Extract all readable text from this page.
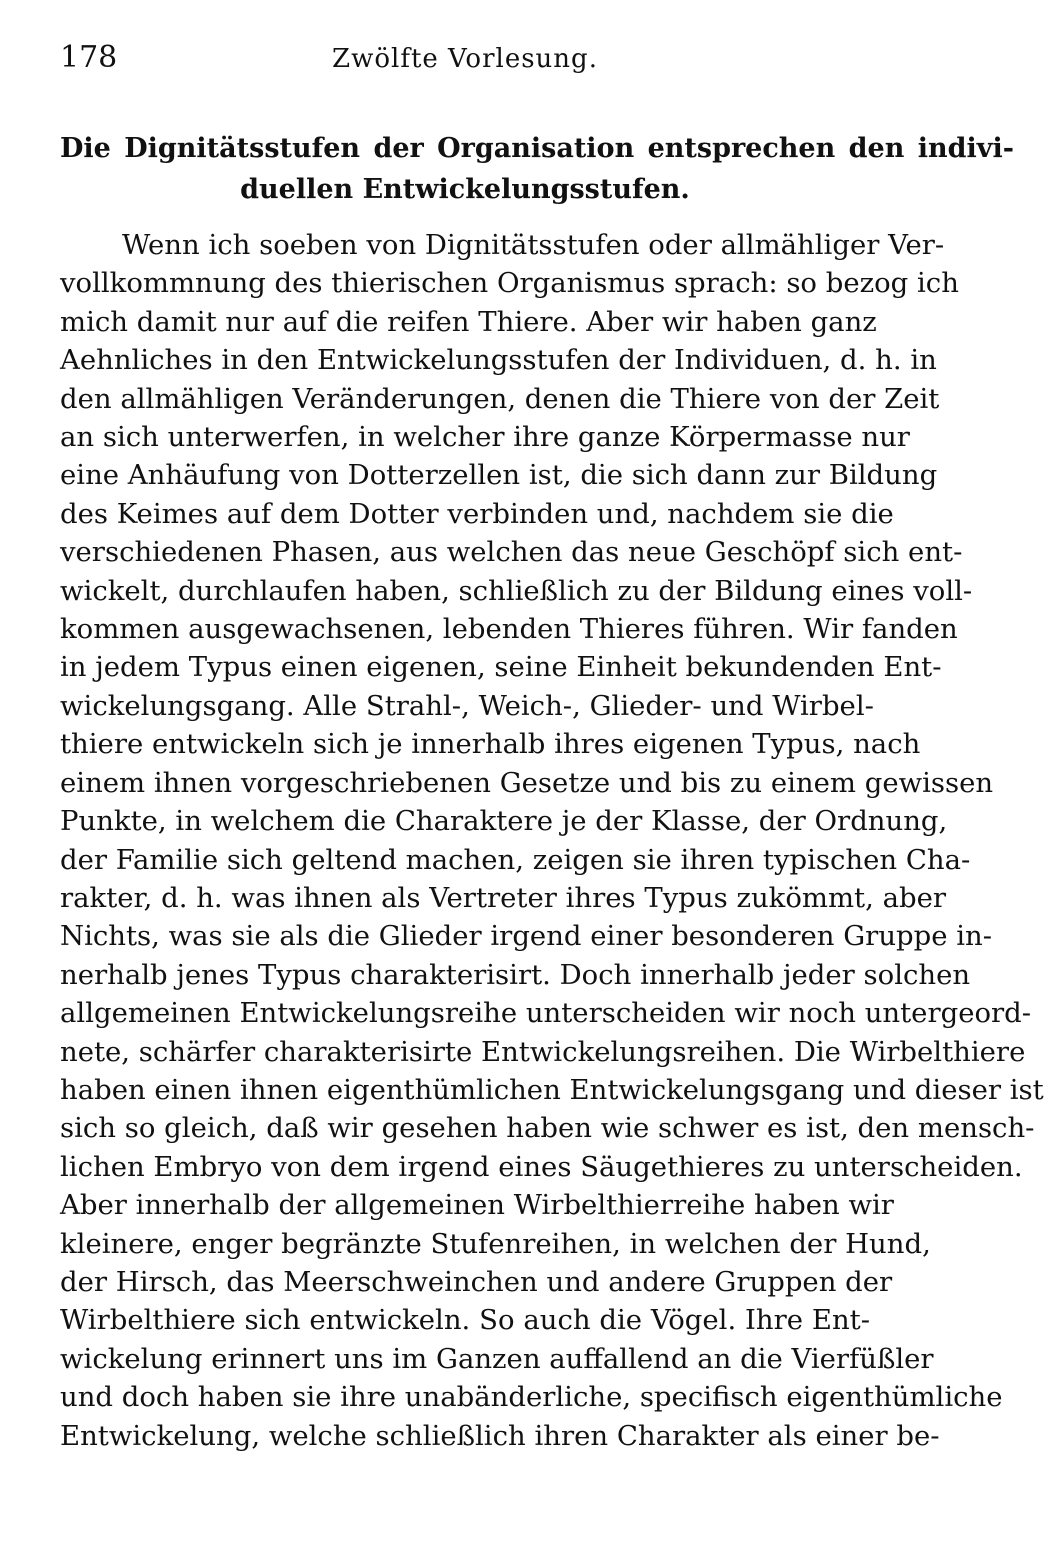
178	Zwölfte Vorlesung.
Die Dignitätsstufen der Organisation entsprechen den indivi-
duellen Entwickelungsstufen.
Wenn ich soeben von Dignitätsstufen oder allmähliger Ver-
vollkommnung des thierischen Organismus sprach: so bezog ich
mich damit nur auf die reifen Thiere. Aber wir haben ganz
Aehnliches in den Entwickelungsstufen der Individuen, d. h. in
den allmähligen Veränderungen, denen die Thiere von der Zeit
an sich unterwerfen, in welcher ihre ganze Körpermasse nur
eine Anhäufung von Dotterzellen ist, die sich dann zur Bildung
des Keimes auf dem Dotter verbinden und, nachdem sie die
verschiedenen Phasen, aus welchen das neue Geschöpf sich ent-
wickelt, durchlaufen haben, schließlich zu der Bildung eines voll-
kommen ausgewachsenen, lebenden Thieres führen. Wir fanden
in jedem Typus einen eigenen, seine Einheit bekundenden Ent-
wickelungsgang. Alle Strahl-, Weich-, Glieder- und Wirbel-
thiere entwickeln sich je innerhalb ihres eigenen Typus, nach
einem ihnen vorgeschriebenen Gesetze und bis zu einem gewissen
Punkte, in welchem die Charaktere je der Klasse, der Ordnung,
der Familie sich geltend machen, zeigen sie ihren typischen Cha-
rakter, d. h. was ihnen als Vertreter ihres Typus zukömmt, aber
Nichts, was sie als die Glieder irgend einer besonderen Gruppe in-
nerhalb jenes Typus charakterisirt. Doch innerhalb jeder solchen
allgemeinen Entwickelungsreihe unterscheiden wir noch untergeord-
nete, schärfer charakterisirte Entwickelungsreihen. Die Wirbelthiere
haben einen ihnen eigenthümlichen Entwickelungsgang und dieser ist
sich so gleich, daß wir gesehen haben wie schwer es ist, den mensch-
lichen Embryo von dem irgend eines Säugethieres zu unterscheiden.
Aber innerhalb der allgemeinen Wirbelthierreihe haben wir
kleinere, enger begränzte Stufenreihen, in welchen der Hund,
der Hirsch, das Meerschweinchen und andere Gruppen der
Wirbelthiere sich entwickeln. So auch die Vögel. Ihre Ent-
wickelung erinnert uns im Ganzen auffallend an die Vierfüßler
und doch haben sie ihre unabänderliche, specifisch eigenthümliche
Entwickelung, welche schließlich ihren Charakter als einer be-
